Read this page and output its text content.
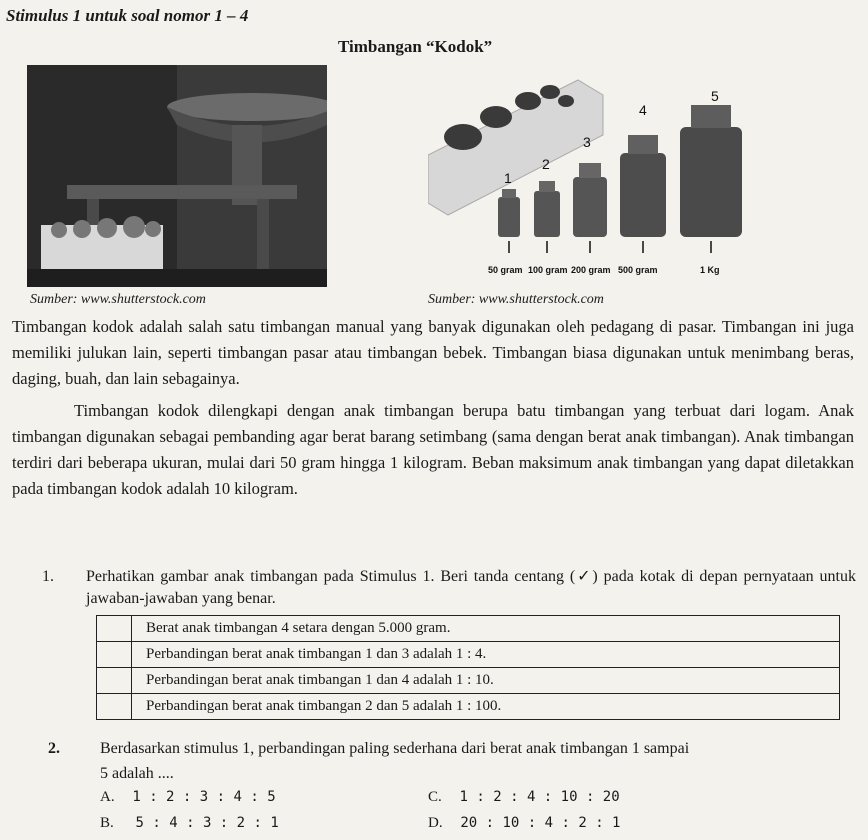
Stimulus 1 untuk soal nomor 1 – 4
Timbangan “Kodok”
1
2
3
4
5
50 gram 100 gram 200 gram 500 gram	1 Kg
Sumber: www.shutterstock.com	Sumber: www.shutterstock.com

Timbangan kodok adalah salah satu timbangan manual yang banyak digunakan oleh pedagang di pasar. Timbangan ini juga memiliki julukan lain, seperti timbangan pasar atau timbangan bebek. Timbangan biasa digunakan untuk menimbang beras, daging, buah, dan lain sebagainya.

Timbangan kodok dilengkapi dengan anak timbangan berupa batu timbangan yang terbuat dari logam. Anak timbangan digunakan sebagai pembanding agar berat barang setimbang (sama dengan berat anak timbangan). Anak timbangan terdiri dari beberapa ukuran, mulai dari 50 gram hingga 1 kilogram. Beban maksimum anak timbangan yang dapat diletakkan pada timbangan kodok adalah 10 kilogram.

1. Perhatikan gambar anak timbangan pada Stimulus 1. Beri tanda centang (✓) pada kotak di depan pernyataan untuk jawaban-jawaban yang benar.
	Berat anak timbangan 4 setara dengan 5.000 gram.
	Perbandingan berat anak timbangan 1 dan 3 adalah 1 : 4.
	Perbandingan berat anak timbangan 1 dan 4 adalah 1 : 10.
	Perbandingan berat anak timbangan 2 dan 5 adalah 1 : 100.
2.	Berdasarkan stimulus 1, perbandingan paling sederhana dari berat anak timbangan 1 sampai
5 adalah ....
A. 1 : 2 : 3 : 4 : 5
B. 5 : 4 : 3 : 2 : 1
C. 1 : 2 : 4 : 10 : 20
D. 20 : 10 : 4 : 2 : 1
